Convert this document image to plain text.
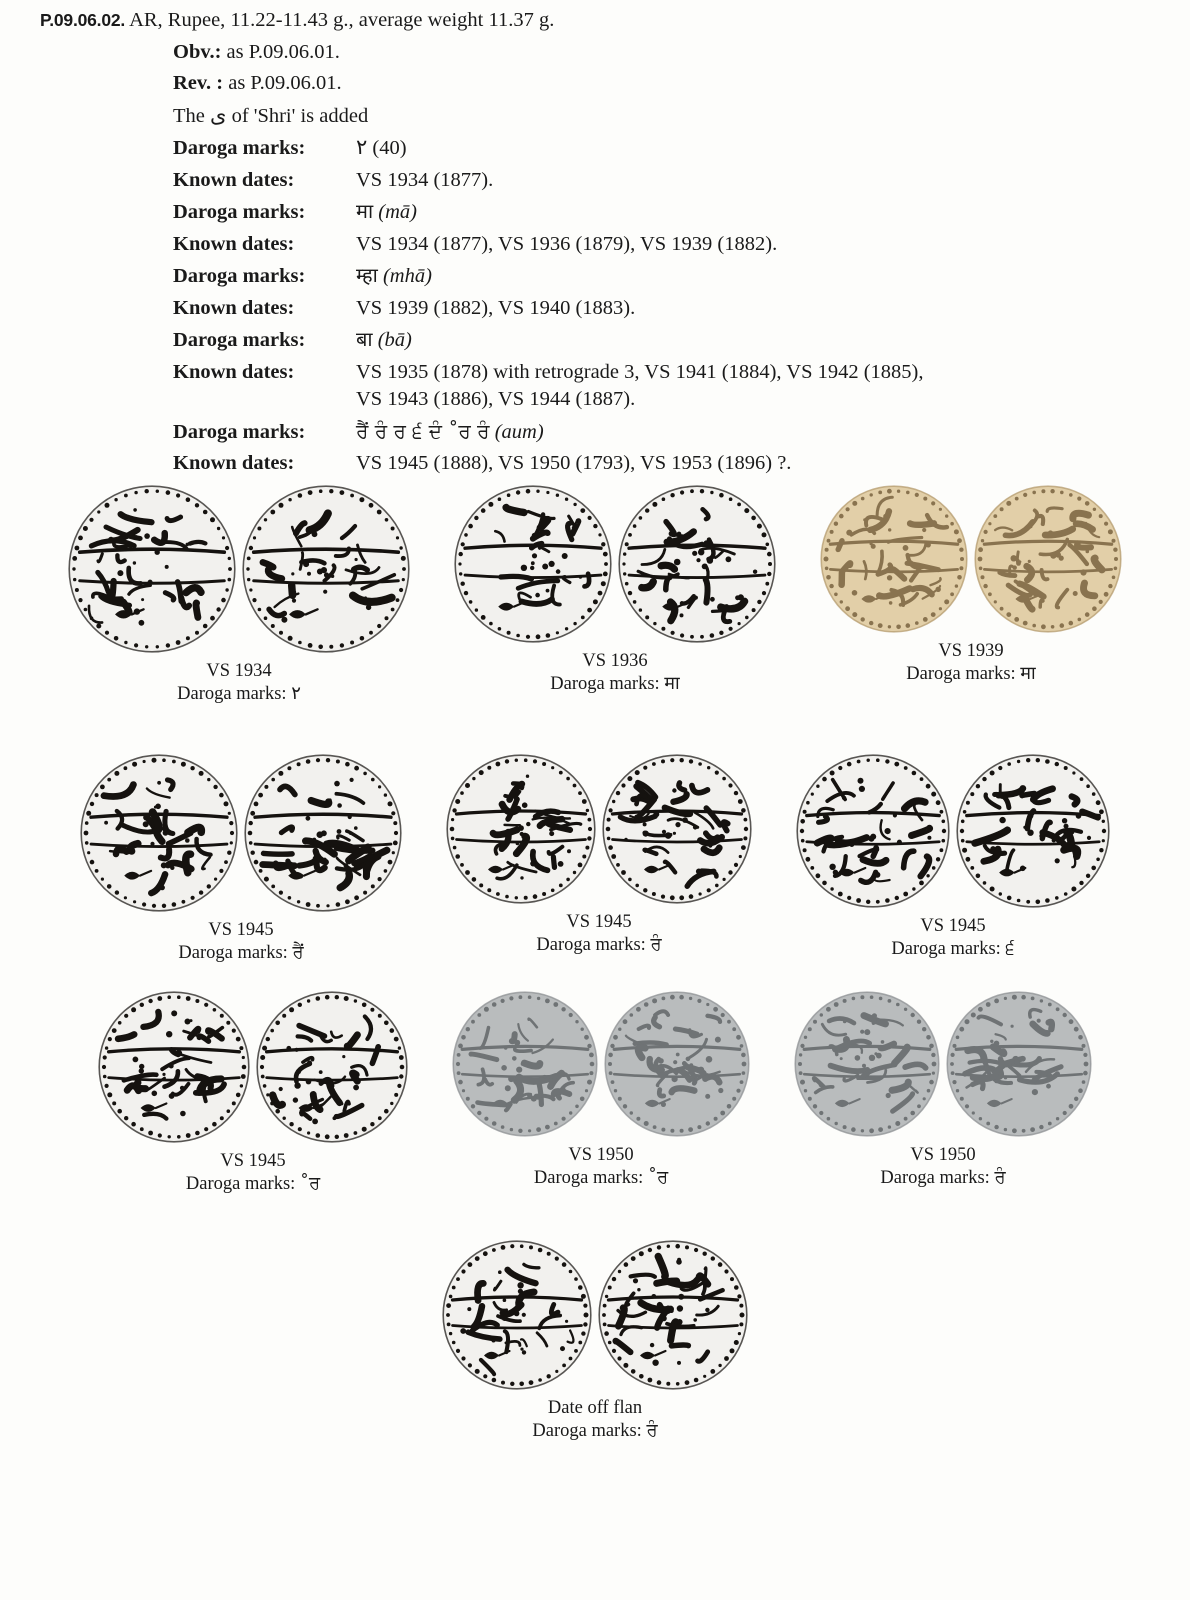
P.09.06.02. AR, Rupee, 11.22-11.43 g., average weight 11.37 g.
Obv.: as P.09.06.01.
Rev. : as P.09.06.01.
The ى of 'Shri' is added
Daroga marks: ٢ (40)
Known dates:	VS 1934 (1877).
Daroga marks:	मा (mā)
Known dates:	VS 1934 (1877), VS 1936 (1879), VS 1939 (1882).
Daroga marks:	म्हा (mhā)
Known dates:	VS 1939 (1882), VS 1940 (1883).
Daroga marks:	बा (bā)
Known dates:	VS 1935 (1878) with retrograde 3, VS 1941 (1884), VS 1942 (1885),
VS 1943 (1886), VS 1944 (1887).
Daroga marks:	ਰੈਂ ਰੰ ਰ ੬ ਦੰ ˚ਰ ਰੰ (aum)
Known dates:	VS 1945 (1888), VS 1950 (1793), VS 1953 (1896) ?.
VS 1934
Daroga marks: ٢
VS 1936
Daroga marks: मा
VS 1939
Daroga marks: मा
VS 1945
Daroga marks: ਰੈਂ
VS 1945
Daroga marks: ਰੰ
VS 1945
Daroga marks: ੬
VS 1945
Daroga marks: ˚ਰ
VS 1950
Daroga marks: ˚ਰ
VS 1950
Daroga marks: ਰੰ
Date off flan
Daroga marks: ਰੰ
